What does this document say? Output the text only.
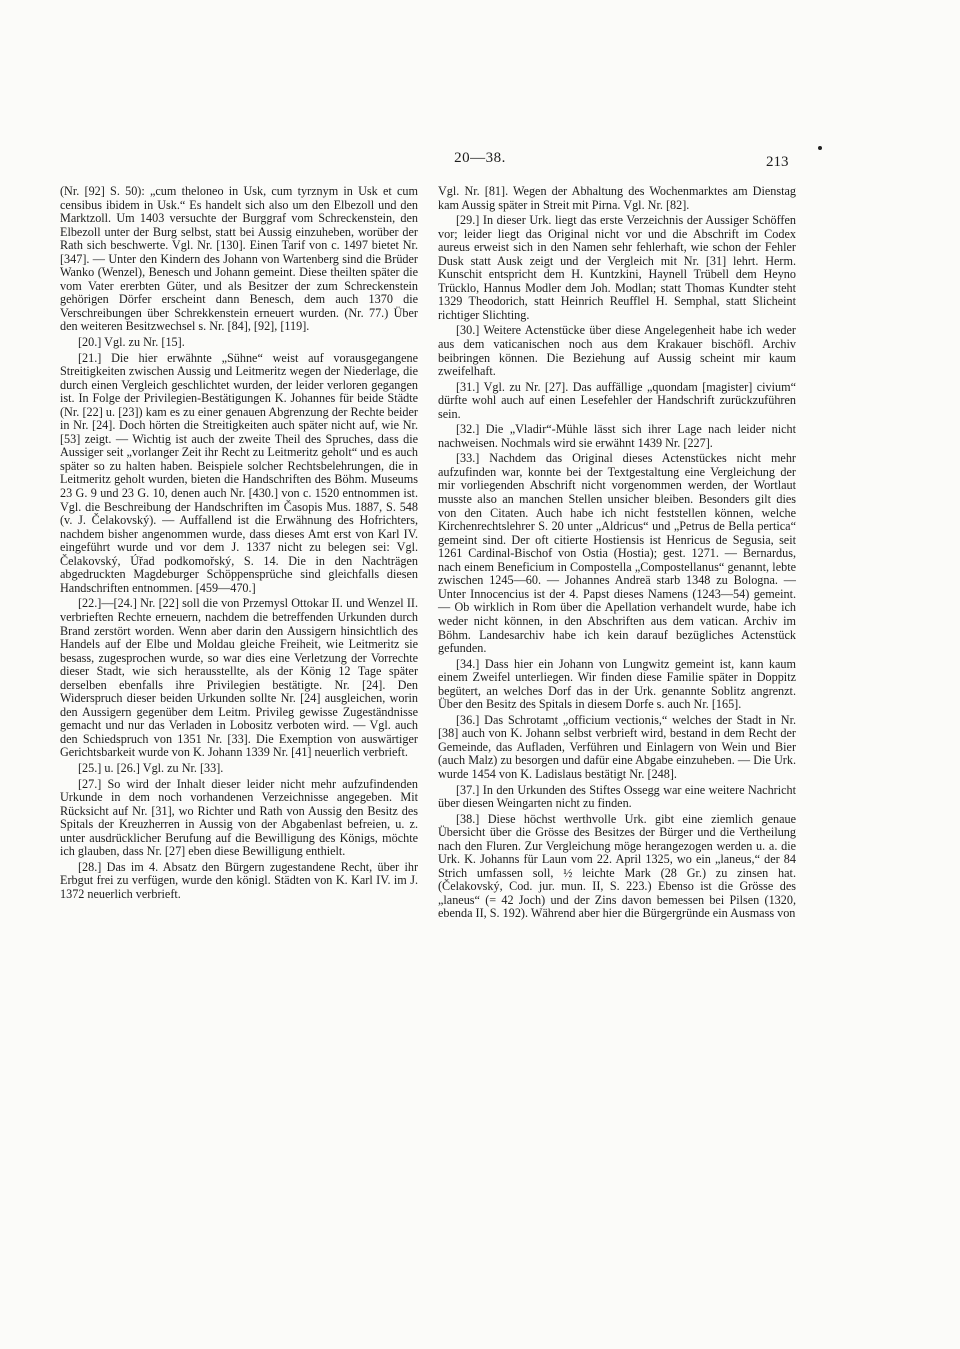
20—38.	213

(Nr. [92] S. 50): „cum theloneo in Usk, cum tyrznym in Usk et cum censibus ibidem in Usk.“ Es handelt sich also um den Elbezoll und den Marktzoll. Um 1403 versuchte der Burggraf vom Schreckenstein, den Elbezoll unter der Burg selbst, statt bei Aussig einzuheben, worüber der Rath sich beschwerte. Vgl. Nr. [130]. Einen Tarif von c. 1497 bietet Nr. [347]. — Unter den Kindern des Johann von Wartenberg sind die Brüder Wanko (Wenzel), Benesch und Johann gemeint. Diese theilten später die vom Vater ererbten Güter, und als Besitzer der zum Schreckenstein gehörigen Dörfer erscheint dann Benesch, dem auch 1370 die Verschreibungen über Schrekkenstein erneuert wurden. (Nr. 77.) Über den weiteren Besitzwechsel s. Nr. [84], [92], [119].

[20.] Vgl. zu Nr. [15].

[21.] Die hier erwähnte „Sühne“ weist auf vorausgegangene Streitigkeiten zwischen Aussig und Leitmeritz wegen der Niederlage, die durch einen Vergleich geschlichtet wurden, der leider verloren gegangen ist. In Folge der Privilegien-Bestätigungen K. Johannes für beide Städte (Nr. [22] u. [23]) kam es zu einer genauen Abgrenzung der Rechte beider in Nr. [24]. Doch hörten die Streitigkeiten auch später nicht auf, wie Nr. [53] zeigt. — Wichtig ist auch der zweite Theil des Spruches, dass die Aussiger seit „vorlanger Zeit ihr Recht zu Leitmeritz geholt“ und es auch später so zu halten haben. Beispiele solcher Rechtsbelehrungen, die in Leitmeritz geholt wurden, bieten die Handschriften des Böhm. Museums 23 G. 9 und 23 G. 10, denen auch Nr. [430.] von c. 1520 entnommen ist. Vgl. die Beschreibung der Handschriften im Časopis Mus. 1887, S. 548 (v. J. Čelakovský). — Auffallend ist die Erwähnung des Hofrichters, nachdem bisher angenommen wurde, dass dieses Amt erst von Karl IV. eingeführt wurde und vor dem J. 1337 nicht zu belegen sei: Vgl. Čelakovský, Úřad podkomořský, S. 14. Die in den Nachträgen abgedruckten Magdeburger Schöppensprüche sind gleichfalls diesen Handschriften entnommen. [459—470.]

[22.]—[24.] Nr. [22] soll die von Przemysl Ottokar II. und Wenzel II. verbrieften Rechte erneuern, nachdem die betreffenden Urkunden durch Brand zerstört worden. Wenn aber darin den Aussigern hinsichtlich des Handels auf der Elbe und Moldau gleiche Freiheit, wie Leitmeritz sie besass, zugesprochen wurde, so war dies eine Verletzung der Vorrechte dieser Stadt, wie sich herausstellte, als der König 12 Tage später derselben ebenfalls ihre Privilegien bestätigte. Nr. [24]. Den Widerspruch dieser beiden Urkunden sollte Nr. [24] ausgleichen, worin den Aussigern gegenüber dem Leitm. Privileg gewisse Zugeständnisse gemacht und nur das Verladen in Lobositz verboten wird. — Vgl. auch den Schiedspruch von 1351 Nr. [33]. Die Exemption von auswärtiger Gerichtsbarkeit wurde von K. Johann 1339 Nr. [41] neuerlich verbrieft.

[25.] u. [26.] Vgl. zu Nr. [33].

[27.] So wird der Inhalt dieser leider nicht mehr aufzufindenden Urkunde in dem noch vorhandenen Verzeichnisse angegeben. Mit Rücksicht auf Nr. [31], wo Richter und Rath von Aussig den Besitz des Spitals der Kreuzherren in Aussig von der Abgabenlast befreien, u. z. unter ausdrücklicher Berufung auf die Bewilligung des Königs, möchte ich glauben, dass Nr. [27] eben diese Bewilligung enthielt.

[28.] Das im 4. Absatz den Bürgern zugestandene Recht, über ihr Erbgut frei zu verfügen, wurde den königl. Städten von K. Karl IV. im J. 1372 neuerlich verbrieft.

Vgl. Nr. [81]. Wegen der Abhaltung des Wochenmarktes am Dienstag kam Aussig später in Streit mit Pirna. Vgl. Nr. [82].

[29.] In dieser Urk. liegt das erste Verzeichnis der Aussiger Schöffen vor; leider liegt das Original nicht vor und die Abschrift im Codex aureus erweist sich in den Namen sehr fehlerhaft, wie schon der Fehler Dusk statt Ausk zeigt und der Vergleich mit Nr. [31] lehrt. Herm. Kunschit entspricht dem H. Kuntzkini, Haynell Trübell dem Heyno Trücklo, Hannus Modler dem Joh. Modlan; statt Thomas Kundter steht 1329 Theodorich, statt Heinrich Reufflel H. Semphal, statt Slicheint richtiger Slichting.

[30.] Weitere Actenstücke über diese Angelegenheit habe ich weder aus dem vaticanischen noch aus dem Krakauer bischöfl. Archiv beibringen können. Die Beziehung auf Aussig scheint mir kaum zweifelhaft.

[31.] Vgl. zu Nr. [27]. Das auffällige „quondam [magister] civium“ dürfte wohl auch auf einen Lesefehler der Handschrift zurückzuführen sein.

[32.] Die „Vladir“-Mühle lässt sich ihrer Lage nach leider nicht nachweisen. Nochmals wird sie erwähnt 1439 Nr. [227].

[33.] Nachdem das Original dieses Actenstückes nicht mehr aufzufinden war, konnte bei der Textgestaltung eine Vergleichung der mir vorliegenden Abschrift nicht vorgenommen werden, der Wortlaut musste also an manchen Stellen unsicher bleiben. Besonders gilt dies von den Citaten. Auch habe ich nicht feststellen können, welche Kirchenrechtslehrer S. 20 unter „Aldricus“ und „Petrus de Bella pertica“ gemeint sind. Der oft citierte Hostiensis ist Henricus de Segusia, seit 1261 Cardinal-Bischof von Ostia (Hostia); gest. 1271. — Bernardus, nach einem Beneficium in Compostella „Compostellanus“ genannt, lebte zwischen 1245—60. — Johannes Andreä starb 1348 zu Bologna. — Unter Innocencius ist der 4. Papst dieses Namens (1243—54) gemeint. — Ob wirklich in Rom über die Apellation verhandelt wurde, habe ich weder nicht können, in den Abschriften aus dem vatican. Archiv im Böhm. Landesarchiv habe ich kein darauf bezügliches Actenstück gefunden.

[34.] Dass hier ein Johann von Lungwitz gemeint ist, kann kaum einem Zweifel unterliegen. Wir finden diese Familie später in Doppitz begütert, an welches Dorf das in der Urk. genannte Soblitz angrenzt. Über den Besitz des Spitals in diesem Dorfe s. auch Nr. [165].

[36.] Das Schrotamt „officium vectionis,“ welches der Stadt in Nr. [38] auch von K. Johann selbst verbrieft wird, bestand in dem Recht der Gemeinde, das Aufladen, Verführen und Einlagern von Wein und Bier (auch Malz) zu besorgen und dafür eine Abgabe einzuheben. — Die Urk. wurde 1454 von K. Ladislaus bestätigt Nr. [248].

[37.] In den Urkunden des Stiftes Ossegg war eine weitere Nachricht über diesen Weingarten nicht zu finden.

[38.] Diese höchst werthvolle Urk. gibt eine ziemlich genaue Übersicht über die Grösse des Besitzes der Bürger und die Vertheilung nach den Fluren. Zur Vergleichung möge herangezogen werden u. a. die Urk. K. Johanns für Laun vom 22. April 1325, wo ein „laneus,“ der 84 Strich umfassen soll, ½ leichte Mark (28 Gr.) zu zinsen hat. (Čelakovský, Cod. jur. mun. II, S. 223.) Ebenso ist die Grösse des „laneus“ (= 42 Joch) und der Zins davon bemessen bei Pilsen (1320, ebenda II, S. 192). Während aber hier die Bürgergründe ein Ausmass von
